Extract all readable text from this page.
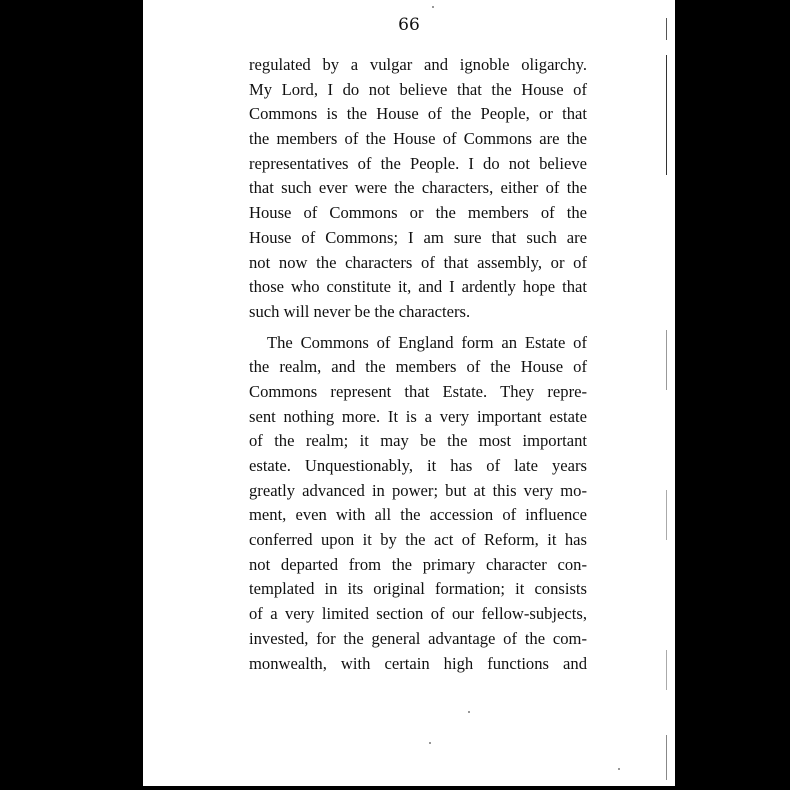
66

regulated by a vulgar and ignoble oligarchy.
My Lord, I do not believe that the House of
Commons is the House of the People, or that
the members of the House of Commons are the
representatives of the People. I do not believe
that such ever were the characters, either of the
House of Commons or the members of the
House of Commons; I am sure that such are
not now the characters of that assembly, or of
those who constitute it, and I ardently hope that
such will never be the characters.

The Commons of England form an Estate of
the realm, and the members of the House of
Commons represent that Estate. They repre-
sent nothing more. It is a very important estate
of the realm; it may be the most important
estate. Unquestionably, it has of late years
greatly advanced in power; but at this very mo-
ment, even with all the accession of influence
conferred upon it by the act of Reform, it has
not departed from the primary character con-
templated in its original formation; it consists
of a very limited section of our fellow-subjects,
invested, for the general advantage of the com-
monwealth, with certain high functions and
